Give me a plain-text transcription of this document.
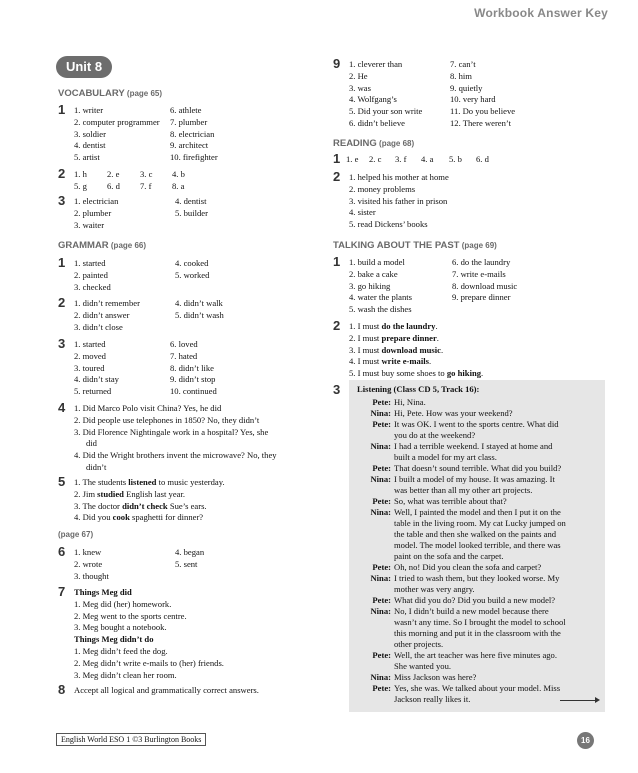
Workbook Answer Key
Unit 8
VOCABULARY (page 65)
1 1. writer
2. computer programmer
3. soldier
4. dentist
5. artist
6. athlete
7. plumber
8. electrician
9. architect
10. firefighter
2 1. h
5. g
2. e
6. d
3. c
7. f
4. b
8. a
3 1. electrician
2. plumber
3. waiter
4. dentist
5. builder
GRAMMAR (page 66)
1 1. started
2. painted
3. checked
4. cooked
5. worked
2 1. didn’t remember
2. didn’t answer
3. didn’t close
4. didn’t walk
5. didn’t wash
3 1. started
2. moved
3. toured
4. didn’t stay
5. returned
6. loved
7. hated
8. didn’t like
9. didn’t stop
10. continued
4 1. Did Marco Polo visit China? Yes, he did
2. Did people use telephones in 1850? No, they didn’t
3. Did Florence Nightingale work in a hospital? Yes, she
did
4. Did the Wright brothers invent the microwave? No, they
didn’t
5 1. The students listened to music yesterday.
2. Jim studied English last year.
3. The doctor didn’t check Sue’s ears.
4. Did you cook spaghetti for dinner?
(page 67)
6 1. knew
2. wrote
3. thought
4. began
5. sent
7 Things Meg did
1. Meg did (her) homework.
2. Meg went to the sports centre.
3. Meg bought a notebook.
Things Meg didn’t do
1. Meg didn’t feed the dog.
2. Meg didn’t write e-mails to (her) friends.
3. Meg didn’t clean her room.
8 Accept all logical and grammatically correct answers.
9 1. cleverer than
2. He
3. was
4. Wolfgang’s
5. Did your son write
6. didn’t believe
7. can’t
8. him
9. quietly
10. very hard
11. Do you believe
12. There weren’t
READING (page 68)
1 1. e 2. c 3. f 4. a 5. b 6. d
2 1. helped his mother at home
2. money problems
3. visited his father in prison
4. sister
5. read Dickens’ books
TALKING ABOUT THE PAST (page 69)
1 1. build a model
2. bake a cake
3. go hiking
4. water the plants
5. wash the dishes
6. do the laundry
7. write e-mails
8. download music
9. prepare dinner
2 1. I must do the laundry.
2. I must prepare dinner.
3. I must download music.
4. I must write e-mails.
5. I must buy some shoes to go hiking.
3 Listening (Class CD 5, Track 16):
Pete: Hi, Nina.
Nina: Hi, Pete. How was your weekend?
Pete: It was OK. I went to the sports centre. What did
you do at the weekend?
Nina: I had a terrible weekend. I stayed at home and
built a model for my art class.
Pete: That doesn’t sound terrible. What did you build?
Nina: I built a model of my house. It was amazing. It
was better than all my other art projects.
Pete: So, what was terrible about that?
Nina: Well, I painted the model and then I put it on the
table in the living room. My cat Lucky jumped on
the table and then she walked on the paints and
model. The model looked terrible, and there was
paint on the sofa and the carpet.
Pete: Oh, no! Did you clean the sofa and carpet?
Nina: I tried to wash them, but they looked worse. My
mother was very angry.
Pete: What did you do? Did you build a new model?
Nina: No, I didn’t build a new model because there
wasn’t any time. So I brought the model to school
this morning and put it in the classroom with the
other projects.
Pete: Well, the art teacher was here five minutes ago.
She wanted you.
Nina: Miss Jackson was here?
Pete: Yes, she was. We talked about your model. Miss
Jackson really likes it.
English World ESO 1 ©3 Burlington Books	16
